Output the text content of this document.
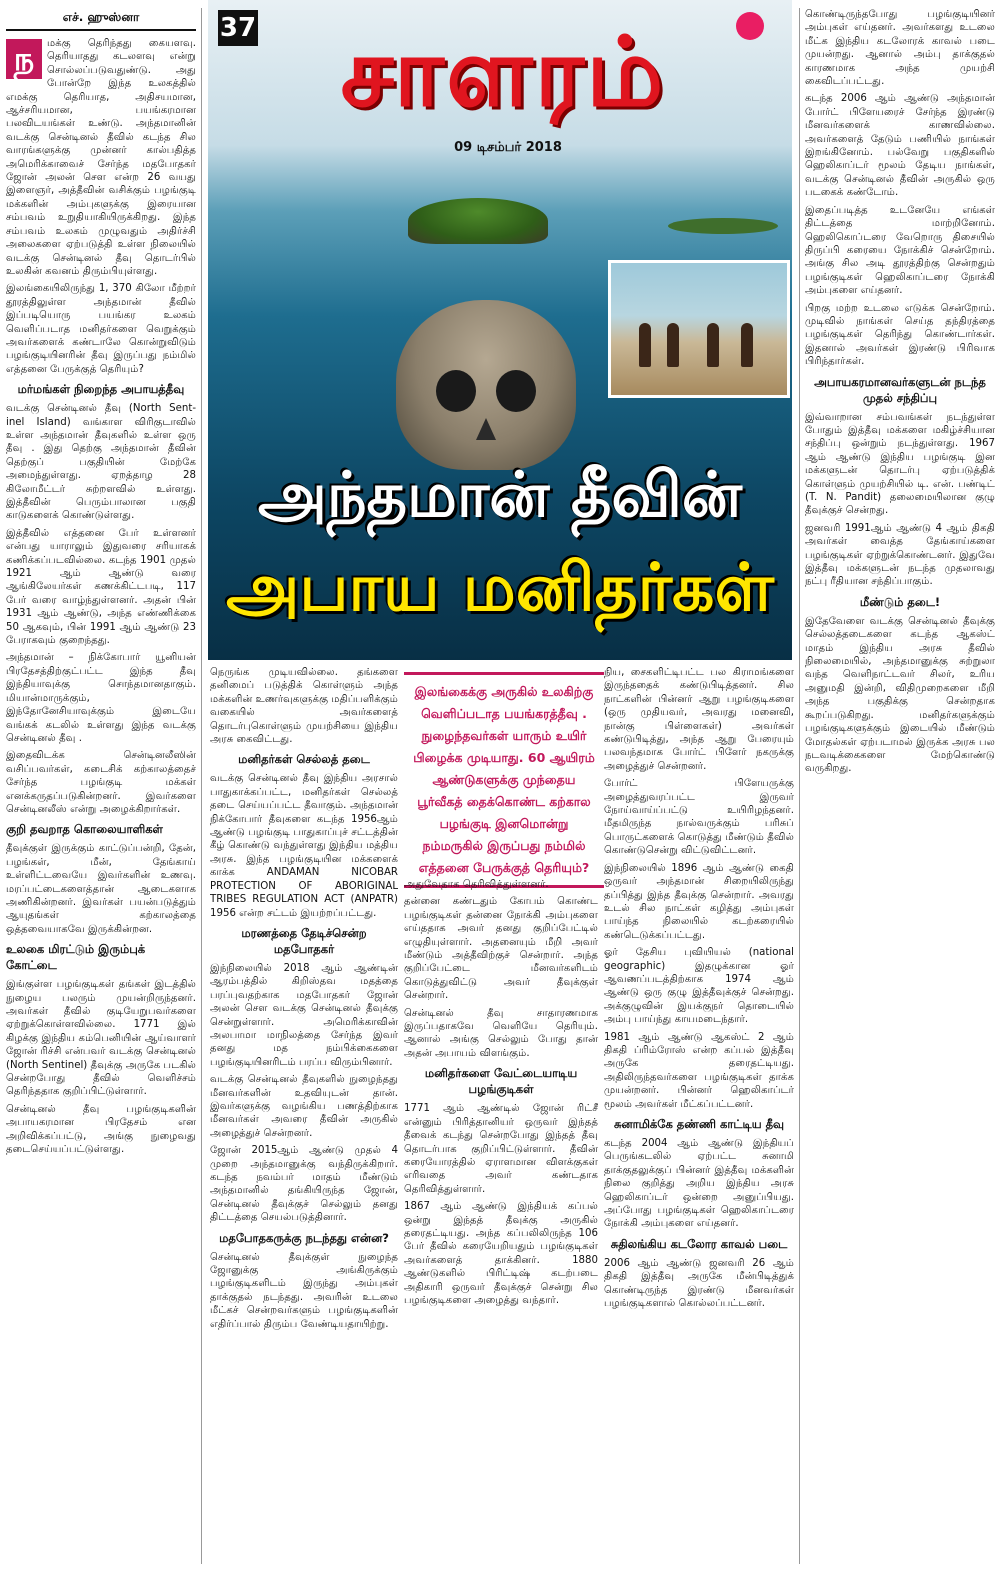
எச். ஹுஸ்னா
ந	மக்கு தெரிந்தது கையளவு. தெரியாதது கடலளவு என்று சொல்லப்படுவதுண்டு. அது போன்றே இந்த உலகத்தில் எமக்கு தெரியாத, அதிசயமான, ஆச்சரியமான, பயங்கரமான பலவிடயங்கள் உண்டு. அந்தமானின் வடக்கு சென்டினல் தீவில் கடந்த சில வாரங்களுக்கு முன்னர் கால்பதித்த அமெரிக்காவைச் சேர்ந்த மதபோதகர் ஜோன் அலன் சௌ என்ற 26 வயது இளைஞர், அத்தீவின் வசிக்கும் பழங்குடி மக்களின் அம்புகளுக்கு இரையான சம்பவம் உறுதியாகியிருக்கிறது. இந்த சம்பவம் உலகம் முழுவதும் அதிர்ச்சி அலைகளை ஏற்படுத்தி உள்ள நிலையில் வடக்கு சென்டினல் தீவு தொடர்பில் உலகின் கவனம் திரும்பியுள்ளது.

இலங்கையிலிருந்து 1, 370 கிலோ மீற்றர் தூரத்திலுள்ள அந்தமான் தீவில் இப்படியொரு பயங்கர உலகம் வெளிப்படாத மனிதர்களை வெறுக்கும் அவர்களைக் கண்டாலே கொன்றுவிடும் பழங்குடியினரின் தீவு இருப்பது நம்மில் எத்தனை பேருக்குத் தெரியும்?

மர்மங்கள் நிறைந்த அபாயத்தீவு

வடக்கு சென்டினல் தீவு (North Sent-inel Island) வங்காள விரிகுடாவில் உள்ள அந்தமான் தீவுகளில் உள்ள ஒரு தீவு . இது தெற்கு அந்தமான் தீவின் தெற்குப் பகுதியின் மேற்கே அமைந்துள்ளது. ஏறத்தாழ 28 கிலோமீட்டர் சுற்றளவில் உள்ளது. இத்தீவின் பெரும்பாலான பகுதி காடுகளைக் கொண்டுள்ளது.

இத்தீவில் எத்தனை பேர் உள்ளனர் என்பது யாராலும் இதுவரை சரியாகக் கணிக்கப்படவில்லை. கடந்த 1901 முதல் 1921 ஆம் ஆண்டு வரை ஆங்கிலேயர்கள் கணக்கிட்டபடி, 117 பேர் வரை வாழ்ந்துள்ளனர். அதன் பின் 1931 ஆம் ஆண்டு, அந்த எண்ணிக்கை 50 ஆகவும், பின் 1991 ஆம் ஆண்டு 23 பேராகவும் குறைந்தது.

அந்தமான் – நிக்கோபார் யூனியன் பிரதேசத்திற்குட்பட்ட இந்த தீவு இந்தியாவுக்கு சொந்தமானதாகும். மியான்மாருக்கும், இந்தோனேசியாவுக்கும் இடையே வங்கக் கடலில் உள்ளது இந்த வடக்கு சென்டினல் தீவு .

இதைவிடக்க சென்டினலீஸின் வசிப்பவர்கள், கடைசிக் கற்காலத்தைச் சேர்ந்த பழங்குடி மக்கள் எனக்கருதப்படுகின்றனர். இவர்களை சென்டினலீஸ் என்று அழைக்கிறார்கள்.

குறி தவறாத கொலையாளிகள்

தீவுக்குள் இருக்கும் காட்டுப்பன்றி, தேன், பழங்கள், மீன், தேங்காய் உள்ளிட்டவையே இவர்களின் உணவு. மரப்பட்டைகளைத்தான் ஆடைகளாக அணிகின்றனர். இவர்கள் பயன்படுத்தும் ஆயுதங்கள் கற்காலத்தை ஒத்தவையாகவே இருக்கின்றன.

உலகை மிரட்டும் இரும்புக் கோட்டை

இங்குள்ள பழங்குடிகள் தங்கள் இடத்தில் நுழைய பலரும் முயன்றிருந்தனர். அவர்கள் தீவில் குடியேறுபவர்களை ஏற்றுக்கொள்ளவில்லை. 1771 இல் கிழக்கு இந்திய கம்பெனியின் ஆய்வாளர் ஜோன் ரிச்சி என்பவர் வடக்கு சென்டினல் (North Sentinel) தீவுக்கு அருகே படகில் சென்றபோது தீவில் வெளிச்சம் தெரிந்ததாக குறிப்பிட்டுள்ளார்.

சென்டினல் தீவு பழங்குடிகளின் அபாயகரமான பிரதேசம் என அறிவிக்கப்பட்டு, அங்கு நுழைவது தடைசெய்யப்பட்டுள்ளது.

37 சாளரம்
09 டிசம்பர் 2018
அந்தமான் தீவின்
அபாய மனிதர்கள்

நெருங்க முடியவில்லை. தங்களை தனிமைப் படுத்திக் கொள்ளும் அந்த மக்களின் உணர்வுகளுக்கு மதிப்பளிக்கும் வகையில் அவர்களைத் தொடர்புகொள்ளும் முயற்சியை இந்திய அரசு கைவிட்டது.

மனிதர்கள் செல்லத் தடை

வடக்கு சென்டினல் தீவு இந்திய அரசால் பாதுகாக்கப்பட்ட, மனிதர்கள் செல்லத் தடை செய்யப்பட்ட தீவாகும். அந்தமான் நிக்கோபார் தீவுகளை கடந்த 1956ஆம் ஆண்டு பழங்குடி பாதுகாப்புச் சட்டத்தின் கீழ் கொண்டு வந்துள்ளது இந்திய மத்திய அரசு. இந்த பழங்குடியின மக்களைக் காக்க ANDAMAN NICOBAR PROTECTION OF ABORIGINAL TRIBES REGULATION ACT (ANPATR) 1956 என்ற சட்டம் இயற்றப்பட்டது.

மரணத்தை தேடிச்சென்ற மதபோதகர்

இந்நிலையில் 2018 ஆம் ஆண்டின் ஆரம்பத்தில் கிறிஸ்தவ மதத்தை பரப்புவதற்காக மதபோதகர் ஜோன் அலன் சௌ வடக்கு சென்டினல் தீவுக்கு சென்றுள்ளார். அமெரிக்காவின் அலபாமா மாநிலத்தை சேர்ந்த இவர் தனது மத நம்பிக்கைகளை பழங்குடியினரிடம் பரப்ப விரும்பினார்.

வடக்கு சென்டினல் தீவுகளில் நுழைந்தது மீனவர்களின் உதவியுடன் தான். இவர்களுக்கு வழங்கிய பணத்திற்காக மீனவர்கள் அவரை தீவின் அருகில் அழைத்துச் சென்றனர்.

ஜோன் 2015ஆம் ஆண்டு முதல் 4 முறை அந்தமானுக்கு வந்திருக்கிறார். கடந்த நவம்பர் மாதம் மீண்டும் அந்தமானில் தங்கியிருந்த ஜோன், சென்டினல் தீவுக்குச் செல்லும் தனது திட்டத்தை செயல்படுத்தினார்.

மதபோதகருக்கு நடந்தது என்ன?

சென்டினல் தீவுக்குள் நுழைந்த ஜோனுக்கு அங்கிருக்கும் பழங்குடிகளிடம் இருந்து அம்புகள் தாக்குதல் நடந்தது. அவரின் உடலை மீட்கச் சென்றவர்களும் பழங்குடிகளின் எதிர்ப்பால் திரும்ப வேண்டியதாயிற்று.

இலங்கைக்கு அருகில் உலகிற்கு வெளிப்படாத பயங்கரத்தீவு . நுழைந்தவர்கள் யாரும் உயிர் பிழைக்க முடியாது. 60 ஆயிரம் ஆண்டுகளுக்கு முந்தைய பூர்வீகத் தைக்கொண்ட கற்கால பழங்குடி இனமொன்று நம்மருகில் இருப்பது நம்மில் எத்தனை பேருக்குத் தெரியும்?

அதுவேதாக தெரிவித்துள்ளனர்.

தன்னை கண்டதும் கோபம் கொண்ட பழங்குடிகள் தன்னை நோக்கி அம்புகளை எய்ததாக அவர் தனது குறிப்பேட்டில் எழுதியுள்ளார். அதனையும் மீறி அவர் மீண்டும் அத்தீவிற்குச் சென்றார். அந்த குறிப்பேட்டை மீனவர்களிடம் கொடுத்துவிட்டு அவர் தீவுக்குள் சென்றார்.

சென்டினல் தீவு சாதாரணமாக இருப்பதாகவே வெளியே தெரியும். ஆனால் அங்கு செல்லும் போது தான் அதன் அபாயம் விளங்கும்.

மனிதர்களை வேட்டையாடிய பழங்குடிகள்

1771 ஆம் ஆண்டில் ஜோன் ரிட்சீ என்னும் பிரித்தானியர் ஒருவர் இந்தத் தீவைக் கடந்து சென்றபோது இந்தத் தீவு தொடர்பாக குறிப்பிட்டுள்ளார். தீவின் கரையோரத்தில் ஏராளமான விளக்குகள் எரிவதை அவர் கண்டதாக தெரிவித்துள்ளார்.

1867 ஆம் ஆண்டு இந்தியக் கப்பல் ஒன்று இந்தத் தீவுக்கு அருகில் தரைதட்டியது. அந்த கப்பலிலிருந்த 106 பேர் தீவில் கரையேறியதும் பழங்குடிகள் அவர்களைத் தாக்கினர். 1880 ஆண்டுகளில் பிரிட்டிஷ் கடற்படை அதிகாரி ஒருவர் தீவுக்குச் சென்று சில பழங்குடிகளை அழைத்து வந்தார்.

நிய, சைகளிட்டிபட்ட பல கிராமங்களை இருந்ததைக் கண்டுபிடித்தனர். சில நாட்களின் பின்னர் ஆறு பழங்குடிகளை (ஒரு முதியவர், அவரது மனைவி, நான்கு பிள்ளைகள்) அவர்கள் கண்டுபிடித்து, அந்த ஆறு பேரையும் பலவந்தமாக போர்ட் பிளேர் நகருக்கு அழைத்துச் சென்றனர்.

போர்ட் பிளேயருக்கு அழைத்துவரப்பட்ட இருவர் நோய்வாய்ப்பட்டு உயிரிழந்தனர். மீதமிருந்த நால்வருக்கும் பரிசுப் பொருட்களைக் கொடுத்து மீண்டும் தீவில் கொண்டுசென்று விட்டுவிட்டனர்.

இந்நிலையில் 1896 ஆம் ஆண்டு கைதி ஒருவர் அந்தமான் சிறையிலிருந்து தப்பித்து இந்த தீவுக்கு சென்றார். அவரது உடல் சில நாட்கள் கழித்து அம்புகள் பாய்ந்த நிலையில் கடற்கரையில் கண்டெடுக்கப்பட்டது.

ஓர் தேசிய புவியியல் (national geographic) இதழுக்கான ஓர் ஆவணப்படத்திற்காக 1974 ஆம் ஆண்டு ஒரு குழு இத்தீவுக்குச் சென்றது. அக்குழுவின் இயக்குநர் தொடையில் அம்பு பாய்ந்து காயமடைந்தார்.

1981 ஆம் ஆண்டு ஆகஸ்ட் 2 ஆம் திகதி ப்ரிம்ரோஸ் என்ற கப்பல் இத்தீவு அருகே தரைதட்டியது. அதிலிருந்தவர்களை பழங்குடிகள் தாக்க முயன்றனர். பின்னர் ஹெலிகாப்டர் மூலம் அவர்கள் மீட்கப்பட்டனர்.

சுனாமிக்கே தண்ணி காட்டிய தீவு

கடந்த 2004 ஆம் ஆண்டு இந்தியப் பெருங்கடலில் ஏற்பட்ட சுனாமி தாக்குதலுக்குப் பின்னர் இத்தீவு மக்களின் நிலை குறித்து அறிய இந்திய அரசு ஹெலிகாப்டர் ஒன்றை அனுப்பியது. அப்போது பழங்குடிகள் ஹெலிகாப்டரை நோக்கி அம்புகளை எய்தனர்.

சுதிலங்கிய கடலோர காவல் படை

2006 ஆம் ஆண்டு ஜனவரி 26 ஆம் திகதி இத்தீவு அருகே மீன்பிடித்துக் கொண்டிருந்த இரண்டு மீனவர்கள் பழங்குடிகளால் கொல்லப்பட்டனர்.

கொண்டிருந்தபோது பழங்குடியினர் அம்புகள் எய்தனர். அவர்களது உடலை மீட்க இந்திய கடலோரக் காவல் படை முயன்றது. ஆனால் அம்பு தாக்குதல் காரணமாக அந்த முயற்சி கைவிடப்பட்டது.

கடந்த 2006 ஆம் ஆண்டு அந்தமான் போர்ட் பிளேயரைச் சேர்ந்த இரண்டு மீனவர்களைக் காணவில்லை. அவர்களைத் தேடும் பணியில் நாங்கள் இறங்கினோம். பல்வேறு பகுதிகளில் ஹெலிகாப்டர் மூலம் தேடிய நாங்கள், வடக்கு சென்டினல் தீவின் அருகில் ஒரு படகைக் கண்டோம்.

இதைப்படித்த உடனேயே எங்கள் திட்டத்தை மாற்றினோம். ஹெலிகொப்டரை வேறொரு திசையில் திருப்பி கரையை நோக்கிச் சென்றோம். அங்கு சில அடி தூரத்திற்கு சென்றதும் பழங்குடிகள் ஹெலிகாப்டரை நோக்கி அம்புகளை எய்தனர்.

பிறகு மற்ற உடலை எடுக்க சென்றோம். முடிவில் நாங்கள் செய்த தந்திரத்தை பழங்குடிகள் தெரிந்து கொண்டார்கள். இதனால் அவர்கள் இரண்டு பிரிவாக பிரிந்தார்கள்.

அபாயகரமானவர்களுடன் நடந்த முதல் சந்திப்பு

இவ்வாறான சம்பவங்கள் நடந்துள்ள போதும் இத்தீவு மக்களை மகிழ்ச்சியான சந்திப்பு ஒன்றும் நடந்துள்ளது. 1967 ஆம் ஆண்டு இந்திய பழங்குடி இன மக்களுடன் தொடர்பு ஏற்படுத்திக் கொள்ளும் முயற்சியில் டி. என். பண்டிட் (T. N. Pandit) தலைமையிலான குழு தீவுக்குச் சென்றது.

ஜனவரி 1991ஆம் ஆண்டு 4 ஆம் திகதி அவர்கள் வைத்த தேங்காய்களை பழங்குடிகள் ஏற்றுக்கொண்டனர். இதுவே இத்தீவு மக்களுடன் நடந்த முதலாவது நட்பு ரீதியான சந்திப்பாகும்.

மீண்டும் தடை!

இதேவேளை வடக்கு சென்டினல் தீவுக்கு செல்லத்தடைகளை கடந்த ஆகஸ்ட் மாதம் இந்திய அரசு தீவில் நிலைமையில், அந்தமானுக்கு சுற்றுலா வந்த வெளிநாட்டவர் சிலர், உரிய அனுமதி இன்றி, விதிமுறைகளை மீறி அந்த பகுதிக்கு சென்றதாக கூறப்படுகிறது. மனிதர்களுக்கும் பழங்குடிகளுக்கும் இடையில் மீண்டும் மோதல்கள் ஏற்படாமல் இருக்க அரசு பல நடவடிக்கைகளை மேற்கொண்டு வருகிறது.
